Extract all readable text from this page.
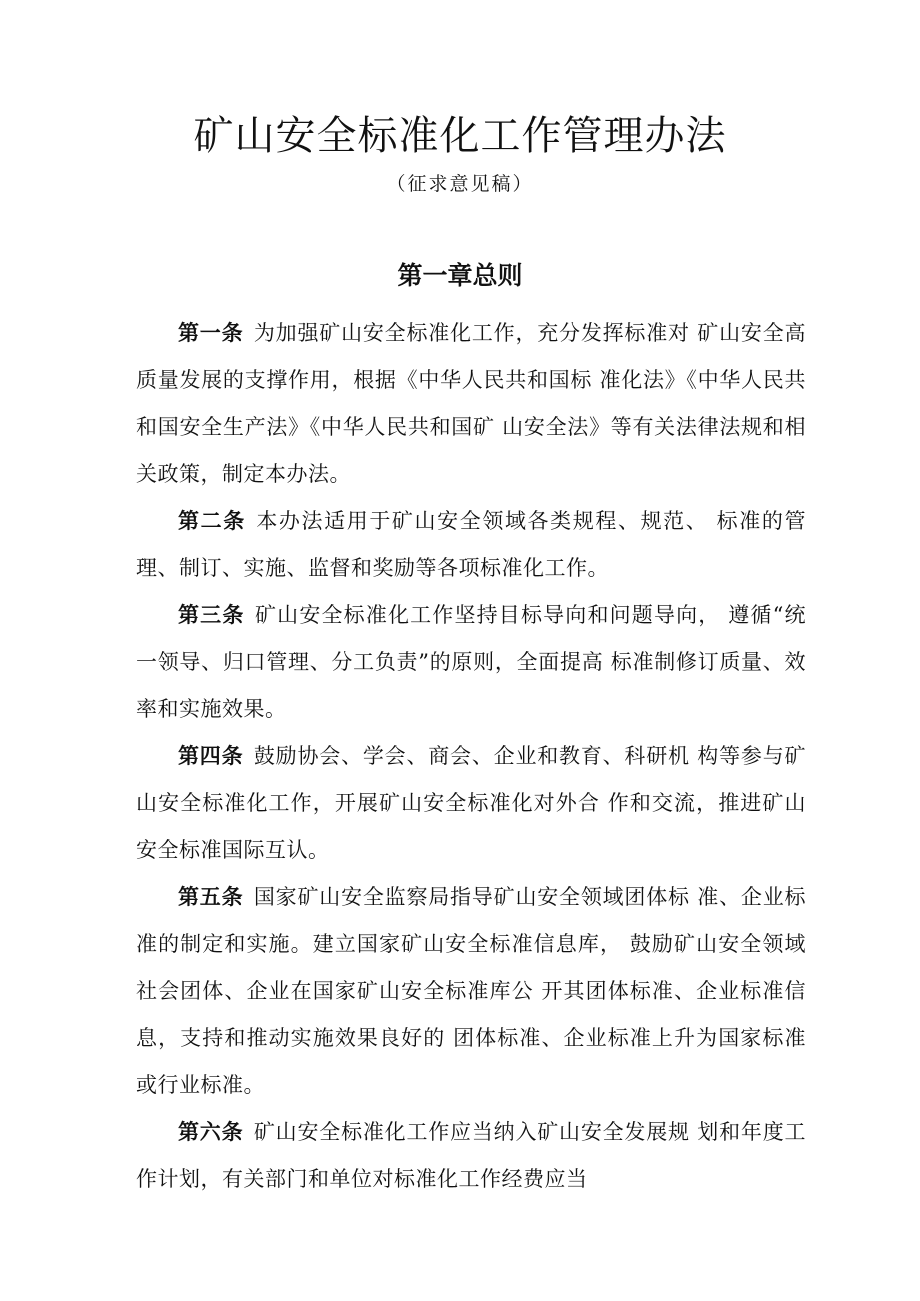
矿山安全标准化工作管理办法

（征求意见稿）

第一章总则

第一条 为加强矿山安全标准化工作，充分发挥标准对 矿山安全高质量发展的支撑作用，根据《中华人民共和国标 准化法》《中华人民共和国安全生产法》《中华人民共和国矿 山安全法》等有关法律法规和相关政策，制定本办法。

第二条 本办法适用于矿山安全领域各类规程、规范、 标准的管理、制订、实施、监督和奖励等各项标准化工作。

第三条 矿山安全标准化工作坚持目标导向和问题导向， 遵循“统一领导、归口管理、分工负责”的原则，全面提高 标准制修订质量、效率和实施效果。

第四条 鼓励协会、学会、商会、企业和教育、科研机 构等参与矿山安全标准化工作，开展矿山安全标准化对外合 作和交流，推进矿山安全标准国际互认。

第五条 国家矿山安全监察局指导矿山安全领域团体标 准、企业标准的制定和实施。建立国家矿山安全标准信息库， 鼓励矿山安全领域社会团体、企业在国家矿山安全标准库公 开其团体标准、企业标准信息，支持和推动实施效果良好的 团体标准、企业标准上升为国家标准或行业标准。

第六条 矿山安全标准化工作应当纳入矿山安全发展规 划和年度工作计划，有关部门和单位对标准化工作经费应当
